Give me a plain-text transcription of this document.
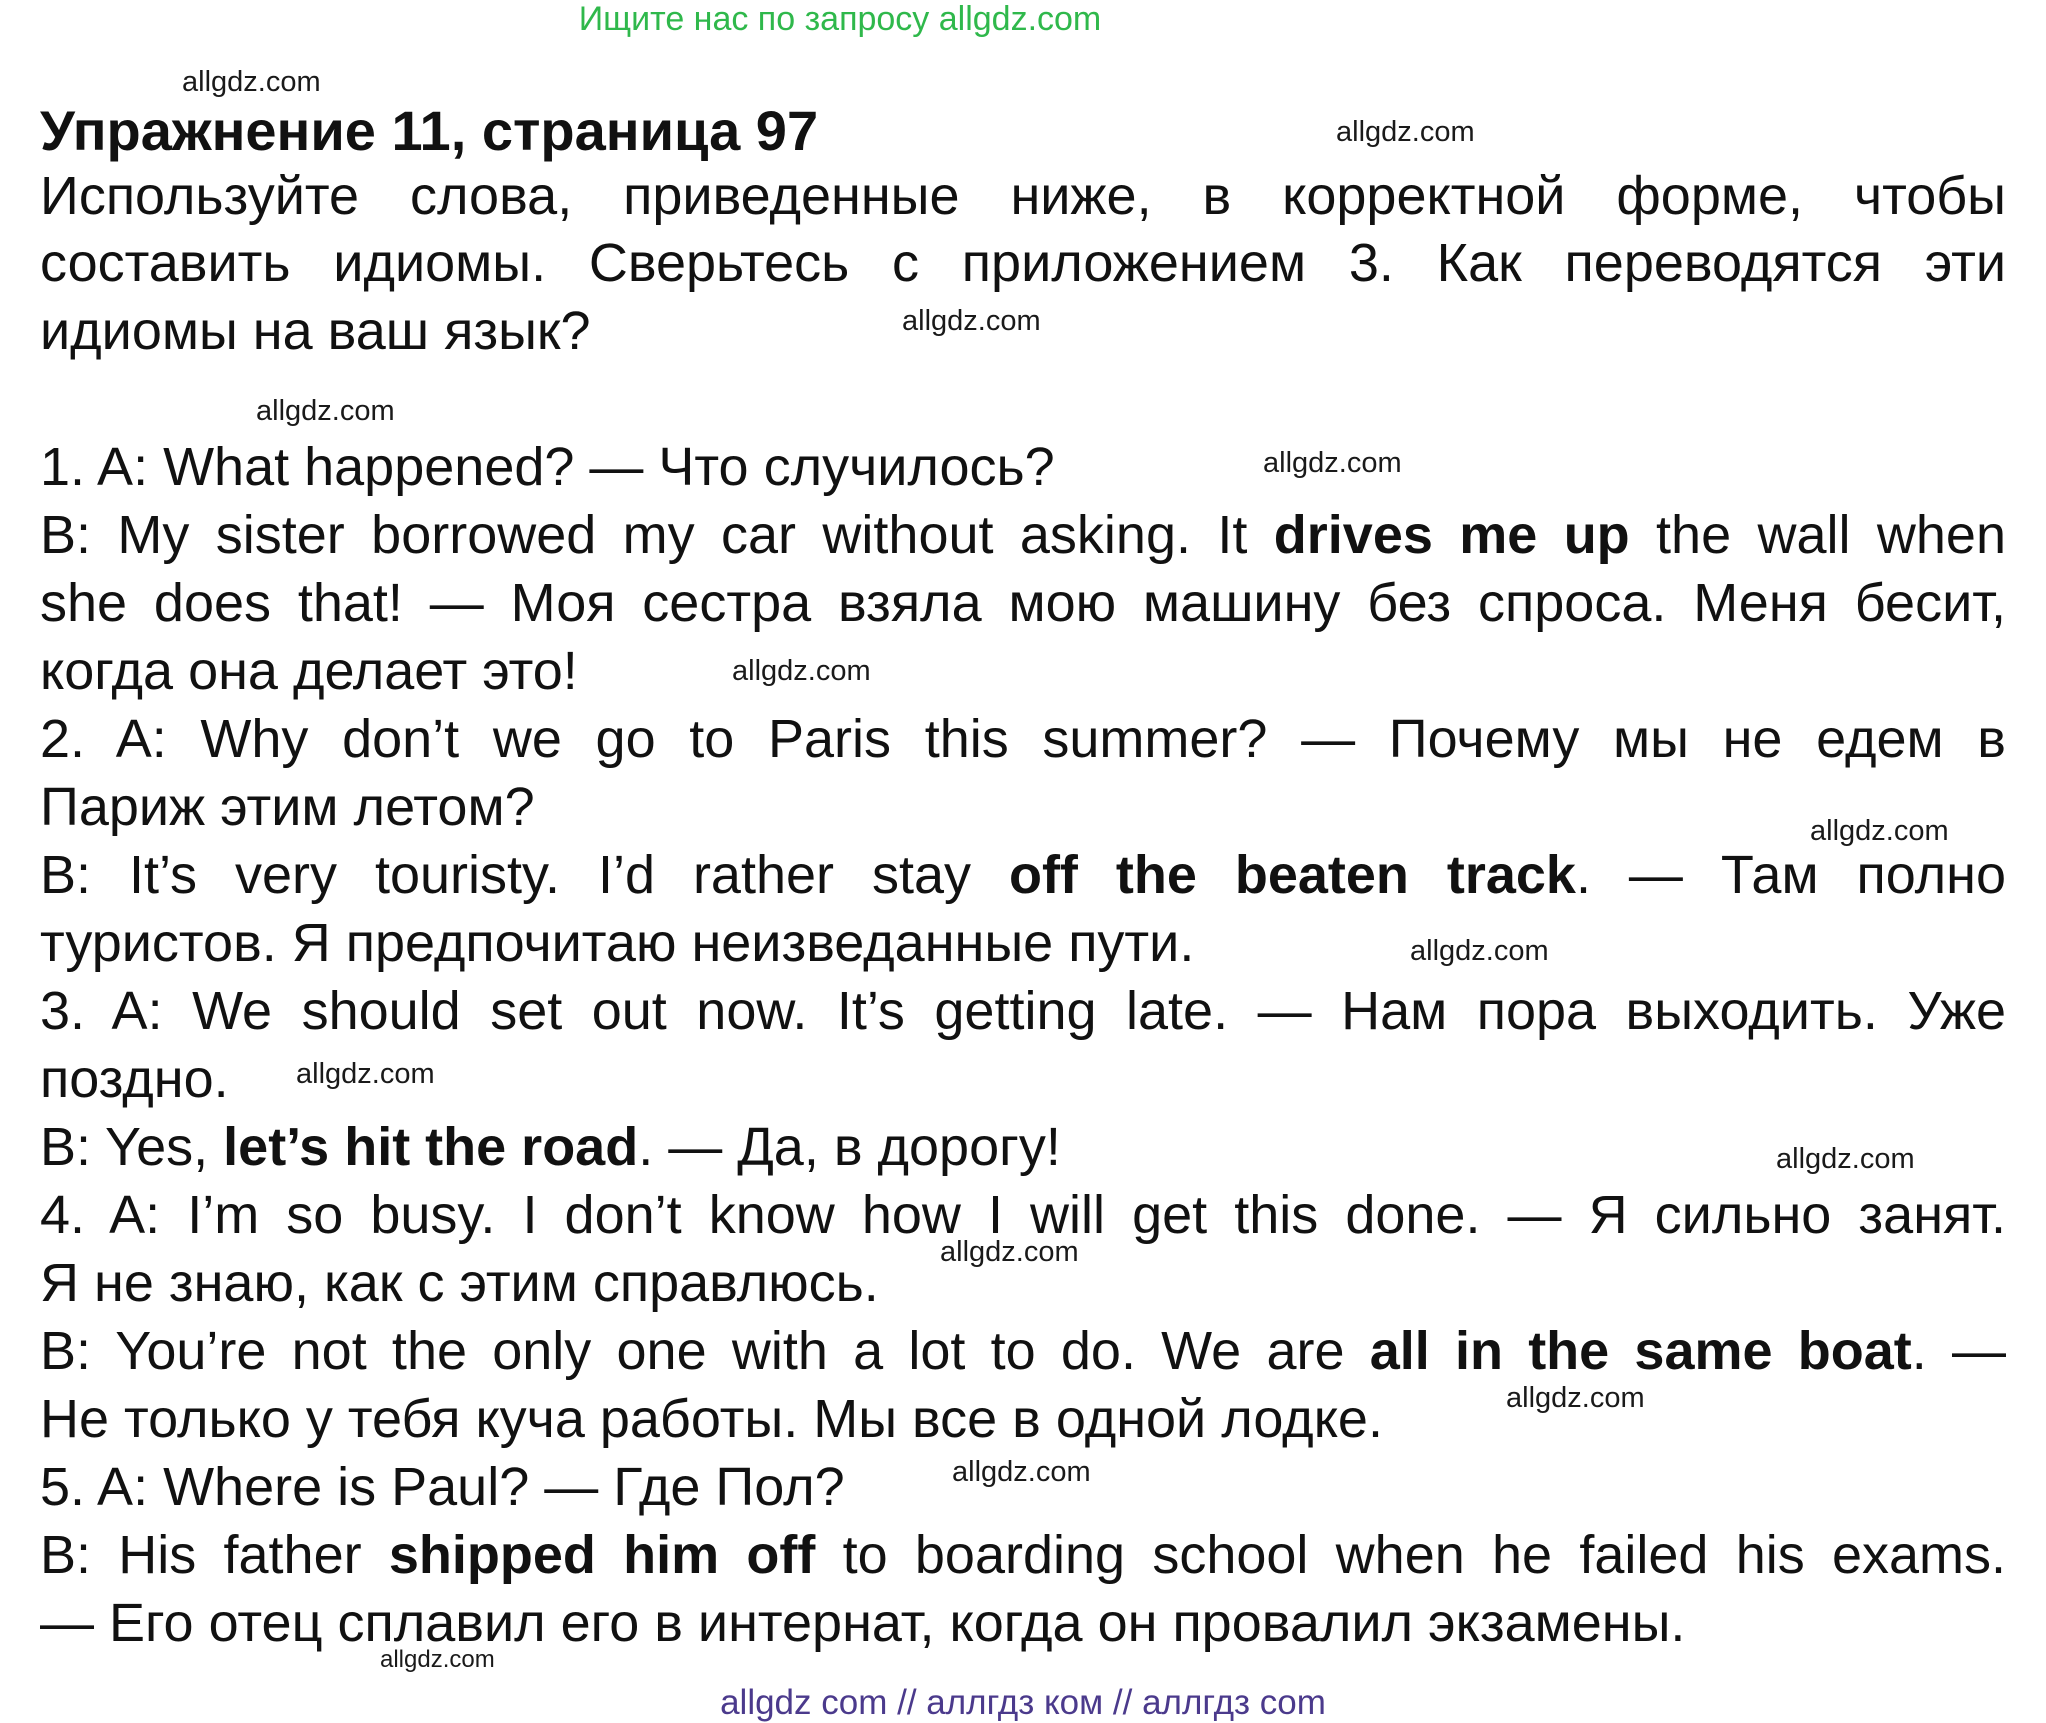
Ищите нас по запросу allgdz.com
allgdz.com
Упражнение 11, страница 97	allgdz.com
Используйте слова, приведенные ниже, в корректной форме, чтобы
составить идиомы. Сверьтесь с приложением 3. Как переводятся эти
идиомы на ваш язык?	allgdz.com
allgdz.com
1. A: What happened? — Что случилось?	allgdz.com
B: My sister borrowed my car without asking. It drives me up the wall when
she does that! — Моя сестра взяла мою машину без спроса. Меня бесит,
когда она делает это!	allgdz.com
2. A: Why don’t we go to Paris this summer? — Почему мы не едем в
Париж этим летом?	allgdz.com
B: It’s very touristy. I’d rather stay off the beaten track. — Там полно
туристов. Я предпочитаю неизведанные пути.	allgdz.com
3. A: We should set out now. It’s getting late. — Нам пора выходить. Уже
поздно. allgdz.com
B: Yes, let’s hit the road. — Да, в дорогу!	allgdz.com
4. A: I’m so busy. I don’t know how I will get this done. — Я сильно занят.
allgdz.com
Я не знаю, как с этим справлюсь.
B: You’re not the only one with a lot to do. We are all in the same boat. —
Не только у тебя куча работы. Мы все в одной лодке.	allgdz.com
5. A: Where is Paul? — Где Пол?	allgdz.com
B: His father shipped him off to boarding school when he failed his exams.
— Его отец сплавил его в интернат, когда он провалил экзамены.
allgdz.com
allgdz com // аллгдз ком // аллгдз com
